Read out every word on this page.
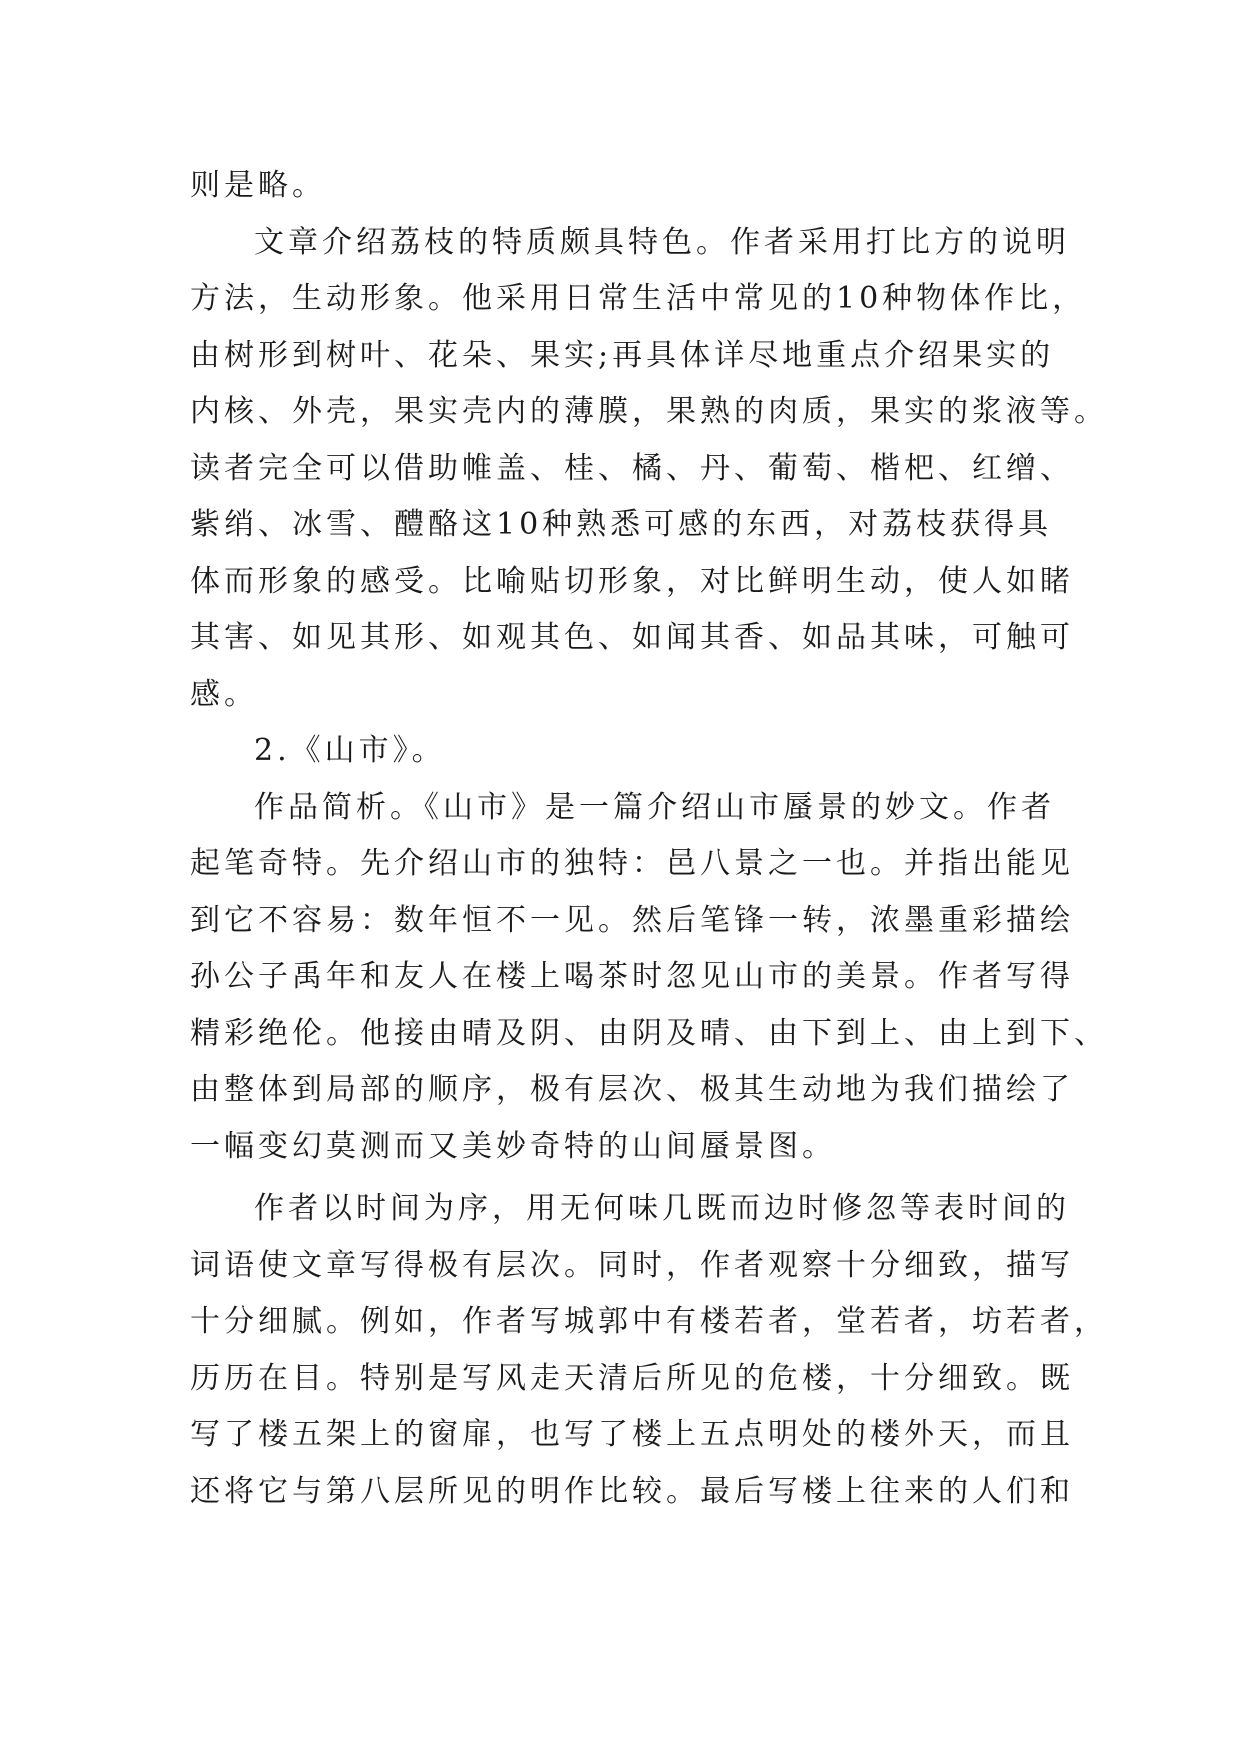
则是略。
文章介绍荔枝的特质颇具特色。作者采用打比方的说明
方法，生动形象。他采用日常生活中常见的10种物体作比，
由树形到树叶、花朵、果实;再具体详尽地重点介绍果实的
内核、外壳，果实壳内的薄膜，果熟的肉质，果实的浆液等。
读者完全可以借助帷盖、桂、橘、丹、葡萄、楷杷、红缯、
紫绡、冰雪、醴酪这10种熟悉可感的东西，对荔枝获得具
体而形象的感受。比喻贴切形象，对比鲜明生动，使人如睹
其害、如见其形、如观其色、如闻其香、如品其味，可触可
感。
2.《山市》。
作品简析。《山市》是一篇介绍山市蜃景的妙文。作者
起笔奇特。先介绍山市的独特：邑八景之一也。并指出能见
到它不容易：数年恒不一见。然后笔锋一转，浓墨重彩描绘
孙公子禹年和友人在楼上喝茶时忽见山市的美景。作者写得
精彩绝伦。他接由晴及阴、由阴及晴、由下到上、由上到下、
由整体到局部的顺序，极有层次、极其生动地为我们描绘了
一幅变幻莫测而又美妙奇特的山间蜃景图。
作者以时间为序，用无何味几既而边时修忽等表时间的
词语使文章写得极有层次。同时，作者观察十分细致，描写
十分细腻。例如，作者写城郭中有楼若者，堂若者，坊若者，
历历在目。特别是写风走天清后所见的危楼，十分细致。既
写了楼五架上的窗扉，也写了楼上五点明处的楼外天，而且
还将它与第八层所见的明作比较。最后写楼上往来的人们和
